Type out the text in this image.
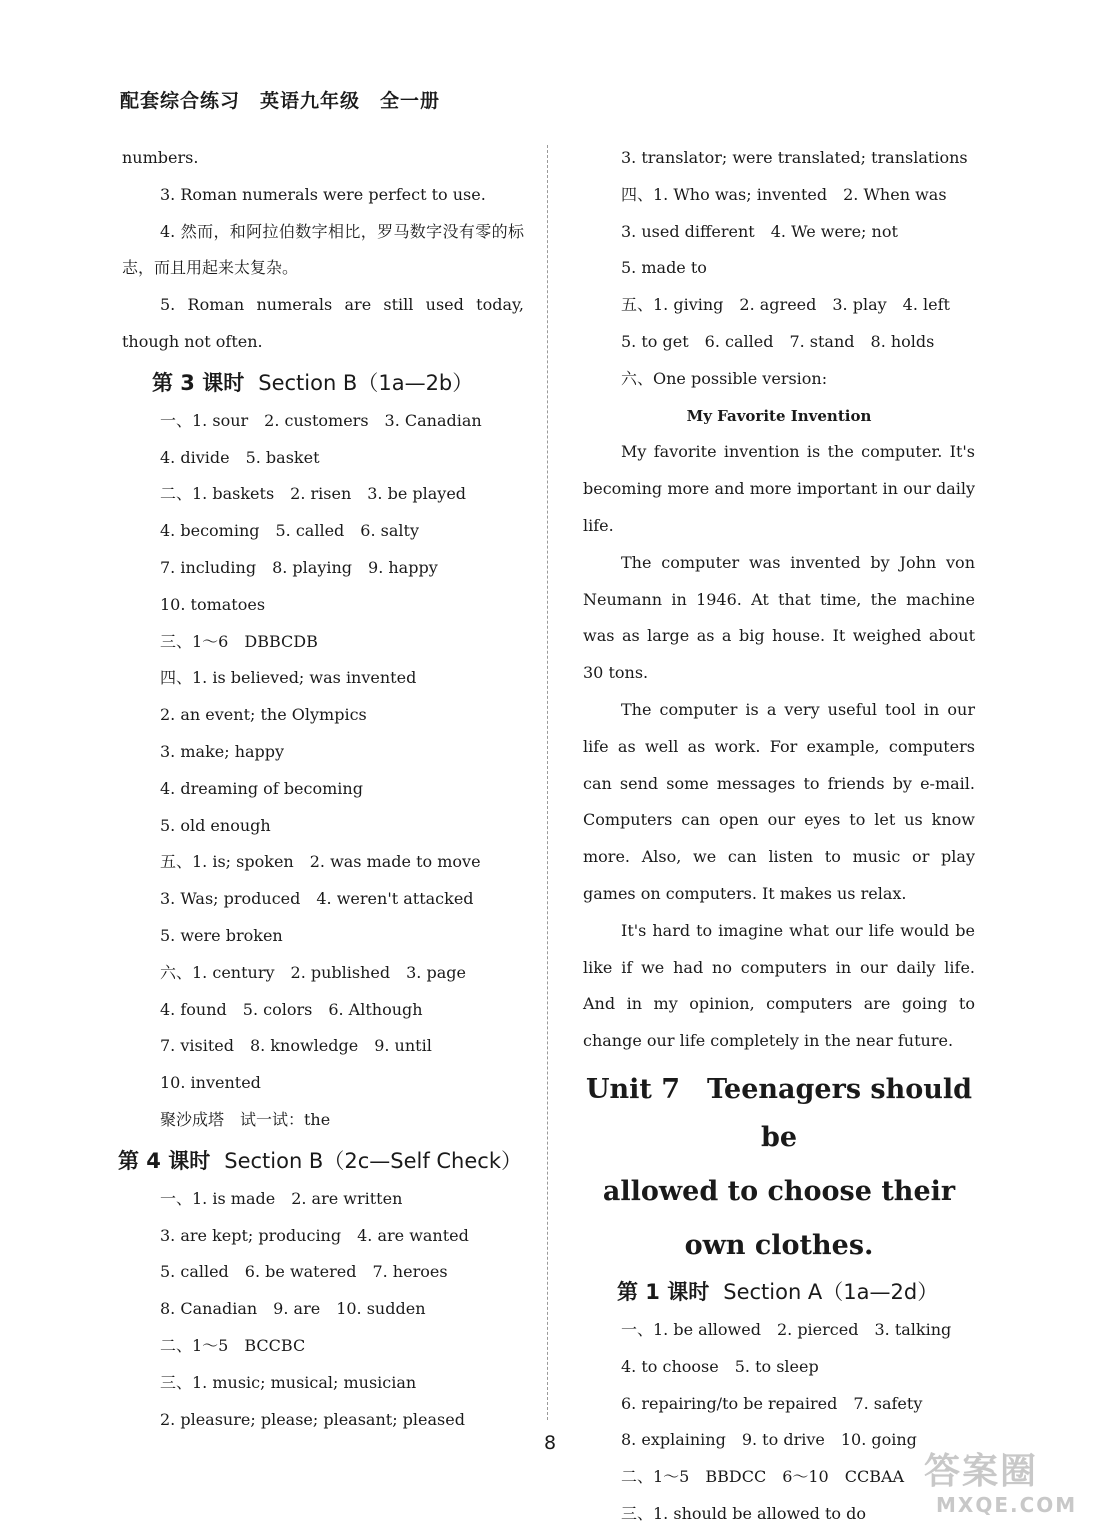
配套综合练习　英语九年级　全一册
numbers.
3. Roman numerals were perfect to use.

4. 然而，和阿拉伯数字相比，罗马数字没有零的标志，而且用起来太复杂。

5. Roman numerals are still used today, though not often.

第 3 课时 Section B（1a—2b）
一、1. sour　2. customers　3. Canadian
4. divide　5. basket
二、1. baskets　2. risen　3. be played
4. becoming　5. called　6. salty
7. including　8. playing　9. happy
10. tomatoes
三、1～6　DBBCDB
四、1. is believed; was invented
2. an event; the Olympics
3. make; happy
4. dreaming of becoming
5. old enough
五、1. is; spoken　2. was made to move
3. Was; produced　4. weren't attacked
5. were broken
六、1. century　2. published　3. page
4. found　5. colors　6. Although
7. visited　8. knowledge　9. until
10. invented
聚沙成塔　试一试：the
第 4 课时 Section B（2c—Self Check）
一、1. is made　2. are written
3. are kept; producing　4. are wanted
5. called　6. be watered　7. heroes
8. Canadian　9. are　10. sudden
二、1～5　BCCBC
三、1. music; musical; musician
2. pleasure; please; pleasant; pleased
3. translator; were translated; translations
四、1. Who was; invented　2. When was
3. used different　4. We were; not
5. made to
五、1. giving　2. agreed　3. play　4. left
5. to get　6. called　7. stand　8. holds
六、One possible version:
My Favorite Invention

My favorite invention is the computer. It's becoming more and more important in our daily life.

The computer was invented by John von Neumann in 1946. At that time, the machine was as large as a big house. It weighed about 30 tons.

The computer is a very useful tool in our life as well as work. For example, computers can send some messages to friends by e-mail. Computers can open our eyes to let us know more. Also, we can listen to music or play games on computers. It makes us relax.

It's hard to imagine what our life would be like if we had no computers in our daily life. And in my opinion, computers are going to change our life completely in the near future.

Unit 7　Teenagers should be
allowed to choose their
own clothes.
第 1 课时 Section A（1a—2d）
一、1. be allowed　2. pierced　3. talking
4. to choose　5. to sleep
6. repairing/to be repaired　7. safety
8. explaining　9. to drive　10. going
二、1～5　BBDCC　6～10　CCBAA
三、1. should be allowed to do
8
答案圈
MXQE.COM
